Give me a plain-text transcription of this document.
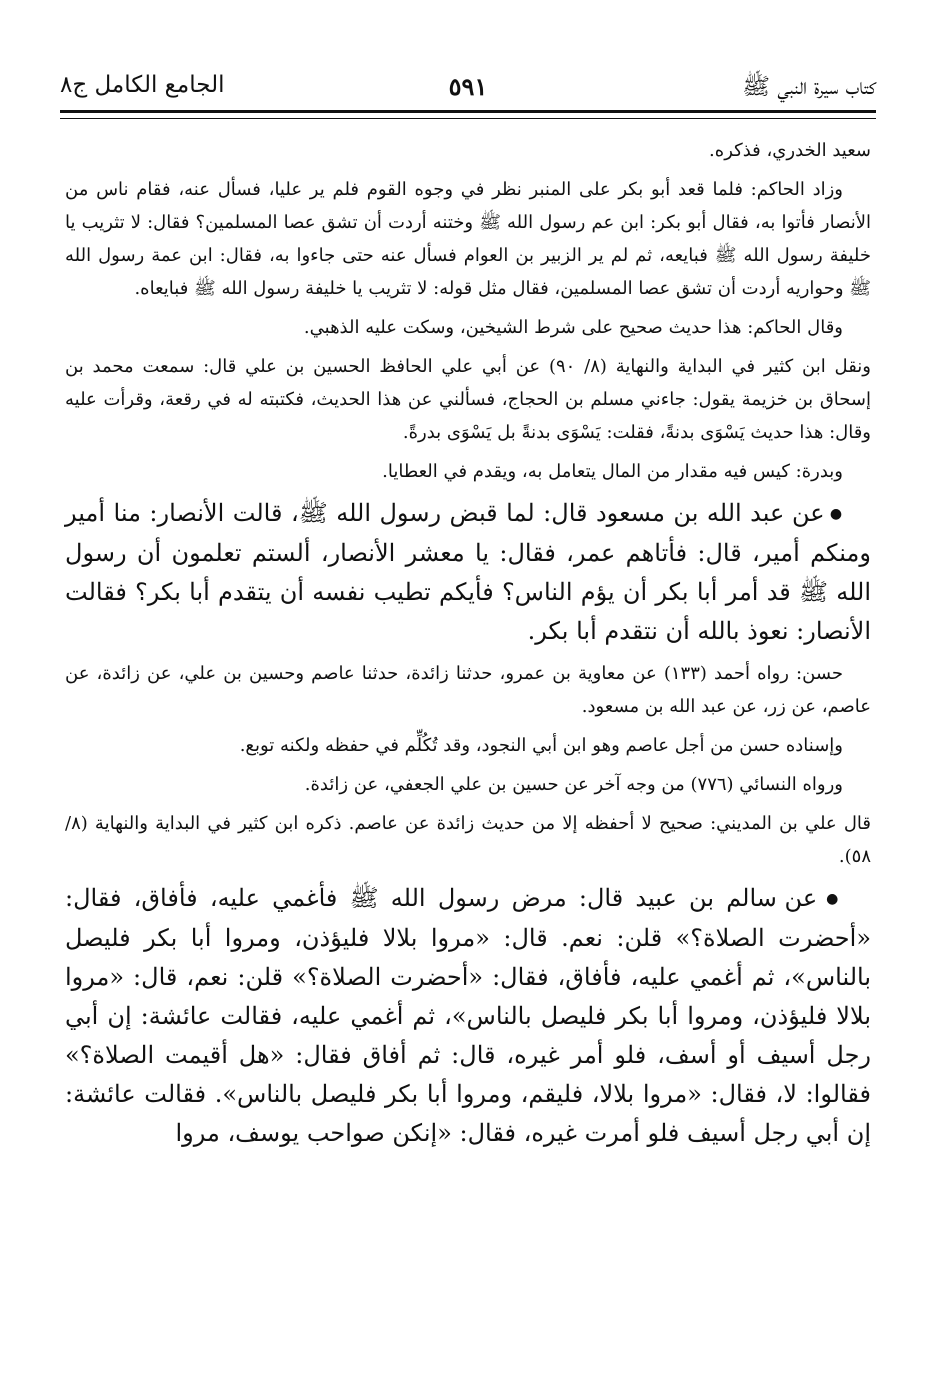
كتاب سيرة النبي ﷺ
٥٩١
الجامع الكامل ج٨

سعيد الخدري، فذكره.

وزاد الحاكم: فلما قعد أبو بكر على المنبر نظر في وجوه القوم فلم ير عليا، فسأل عنه، فقام ناس من الأنصار فأتوا به، فقال أبو بكر: ابن عم رسول الله ﷺ وختنه أردت أن تشق عصا المسلمين؟ فقال: لا تثريب يا خليفة رسول الله ﷺ فبايعه، ثم لم ير الزبير بن العوام فسأل عنه حتى جاءوا به، فقال: ابن عمة رسول الله ﷺ وحواريه أردت أن تشق عصا المسلمين، فقال مثل قوله: لا تثريب يا خليفة رسول الله ﷺ فبايعاه.

وقال الحاكم: هذا حديث صحيح على شرط الشيخين، وسكت عليه الذهبي.

ونقل ابن كثير في البداية والنهاية (٨/ ٩٠) عن أبي علي الحافظ الحسين بن علي قال: سمعت محمد بن إسحاق بن خزيمة يقول: جاءني مسلم بن الحجاج، فسألني عن هذا الحديث، فكتبته له في رقعة، وقرأت عليه وقال: هذا حديث يَسْوَى بدنةً، فقلت: يَسْوَى بدنةً بل يَسْوَى بدرةً.

وبدرة: كيس فيه مقدار من المال يتعامل به، ويقدم في العطايا.

● عن عبد الله بن مسعود قال: لما قبض رسول الله ﷺ، قالت الأنصار: منا أمير ومنكم أمير، قال: فأتاهم عمر، فقال: يا معشر الأنصار، ألستم تعلمون أن رسول الله ﷺ قد أمر أبا بكر أن يؤم الناس؟ فأيكم تطيب نفسه أن يتقدم أبا بكر؟ فقالت الأنصار: نعوذ بالله أن نتقدم أبا بكر.

حسن: رواه أحمد (١٣٣) عن معاوية بن عمرو، حدثنا زائدة، حدثنا عاصم وحسين بن علي، عن زائدة، عن عاصم، عن زر، عن عبد الله بن مسعود.

وإسناده حسن من أجل عاصم وهو ابن أبي النجود، وقد تُكُلِّم في حفظه ولكنه توبع.

ورواه النسائي (٧٧٦) من وجه آخر عن حسين بن علي الجعفي، عن زائدة.

قال علي بن المديني: صحيح لا أحفظه إلا من حديث زائدة عن عاصم. ذكره ابن كثير في البداية والنهاية (٨/ ٥٨).

● عن سالم بن عبيد قال: مرض رسول الله ﷺ فأغمي عليه، فأفاق، فقال: «أحضرت الصلاة؟» قلن: نعم. قال: «مروا بلالا فليؤذن، ومروا أبا بكر فليصل بالناس»، ثم أغمي عليه، فأفاق، فقال: «أحضرت الصلاة؟» قلن: نعم، قال: «مروا بلالا فليؤذن، ومروا أبا بكر فليصل بالناس»، ثم أغمي عليه، فقالت عائشة: إن أبي رجل أسيف أو أسف، فلو أمر غيره، قال: ثم أفاق فقال: «هل أقيمت الصلاة؟» فقالوا: لا، فقال: «مروا بلالا، فليقم، ومروا أبا بكر فليصل بالناس». فقالت عائشة: إن أبي رجل أسيف فلو أمرت غيره، فقال: «إنكن صواحب يوسف، مروا
